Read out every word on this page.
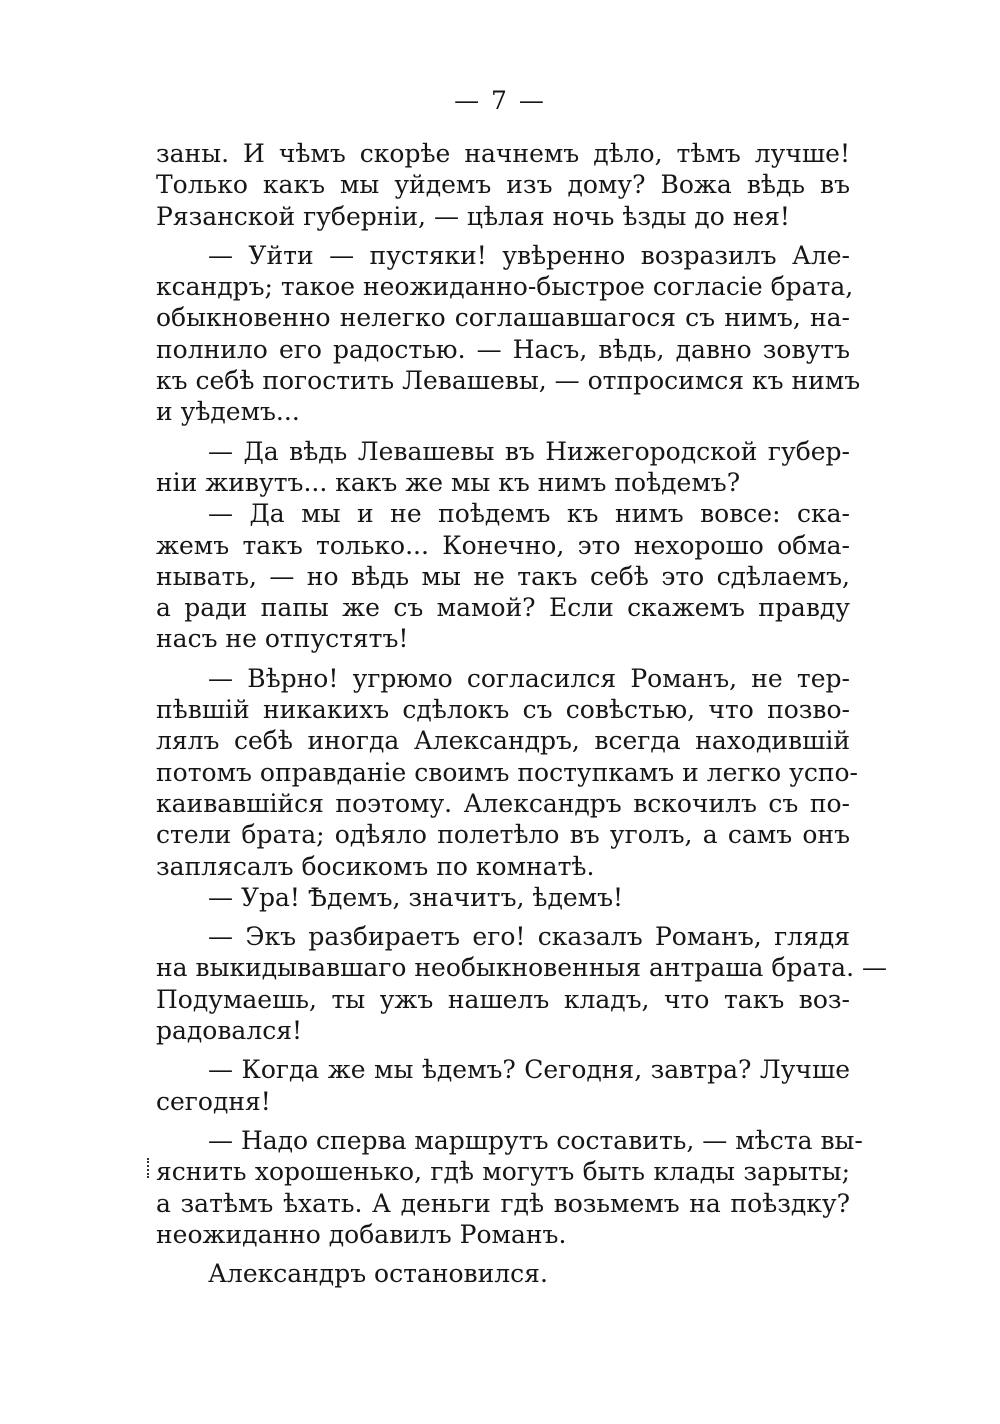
— 7 —
заны. И чѣмъ скорѣе начнемъ дѣло, тѣмъ лучше!
Только какъ мы уйдемъ изъ дому? Вожа вѣдь въ
Рязанской губерніи, — цѣлая ночь ѣзды до нея!
— Уйти — пустяки! увѣренно возразилъ Але-
ксандръ; такое неожиданно-быстрое согласіе брата,
обыкновенно нелегко соглашавшагося съ нимъ, на-
полнило его радостью. — Насъ, вѣдь, давно зовутъ
къ себѣ погостить Левашевы, — отпросимся къ нимъ
и уѣдемъ...
— Да вѣдь Левашевы въ Нижегородской губер-
ніи живутъ... какъ же мы къ нимъ поѣдемъ?
— Да мы и не поѣдемъ къ нимъ вовсе: ска-
жемъ такъ только... Конечно, это нехорошо обма-
нывать, — но вѣдь мы не такъ себѣ это сдѣлаемъ,
а ради папы же съ мамой? Если скажемъ правду
насъ не отпустятъ!
— Вѣрно! угрюмо согласился Романъ, не тер-
пѣвшій никакихъ сдѣлокъ съ совѣстью, что позво-
лялъ себѣ иногда Александръ, всегда находившій
потомъ оправданіе своимъ поступкамъ и легко успо-
каивавшійся поэтому. Александръ вскочилъ съ по-
стели брата; одѣяло полетѣло въ уголъ, а самъ онъ
заплясалъ босикомъ по комнатѣ.
— Ура! Ѣдемъ, значитъ, ѣдемъ!
— Экъ разбираетъ его! сказалъ Романъ, глядя
на выкидывавшаго необыкновенныя антраша брата. —
Подумаешь, ты ужъ нашелъ кладъ, что такъ воз-
радовался!
— Когда же мы ѣдемъ? Сегодня, завтра? Лучше
сегодня!
— Надо сперва маршрутъ составить, — мѣста вы-
яснить хорошенько, гдѣ могутъ быть клады зарыты;
а затѣмъ ѣхать. А деньги гдѣ возьмемъ на поѣздку?
неожиданно добавилъ Романъ.
Александръ остановился.
